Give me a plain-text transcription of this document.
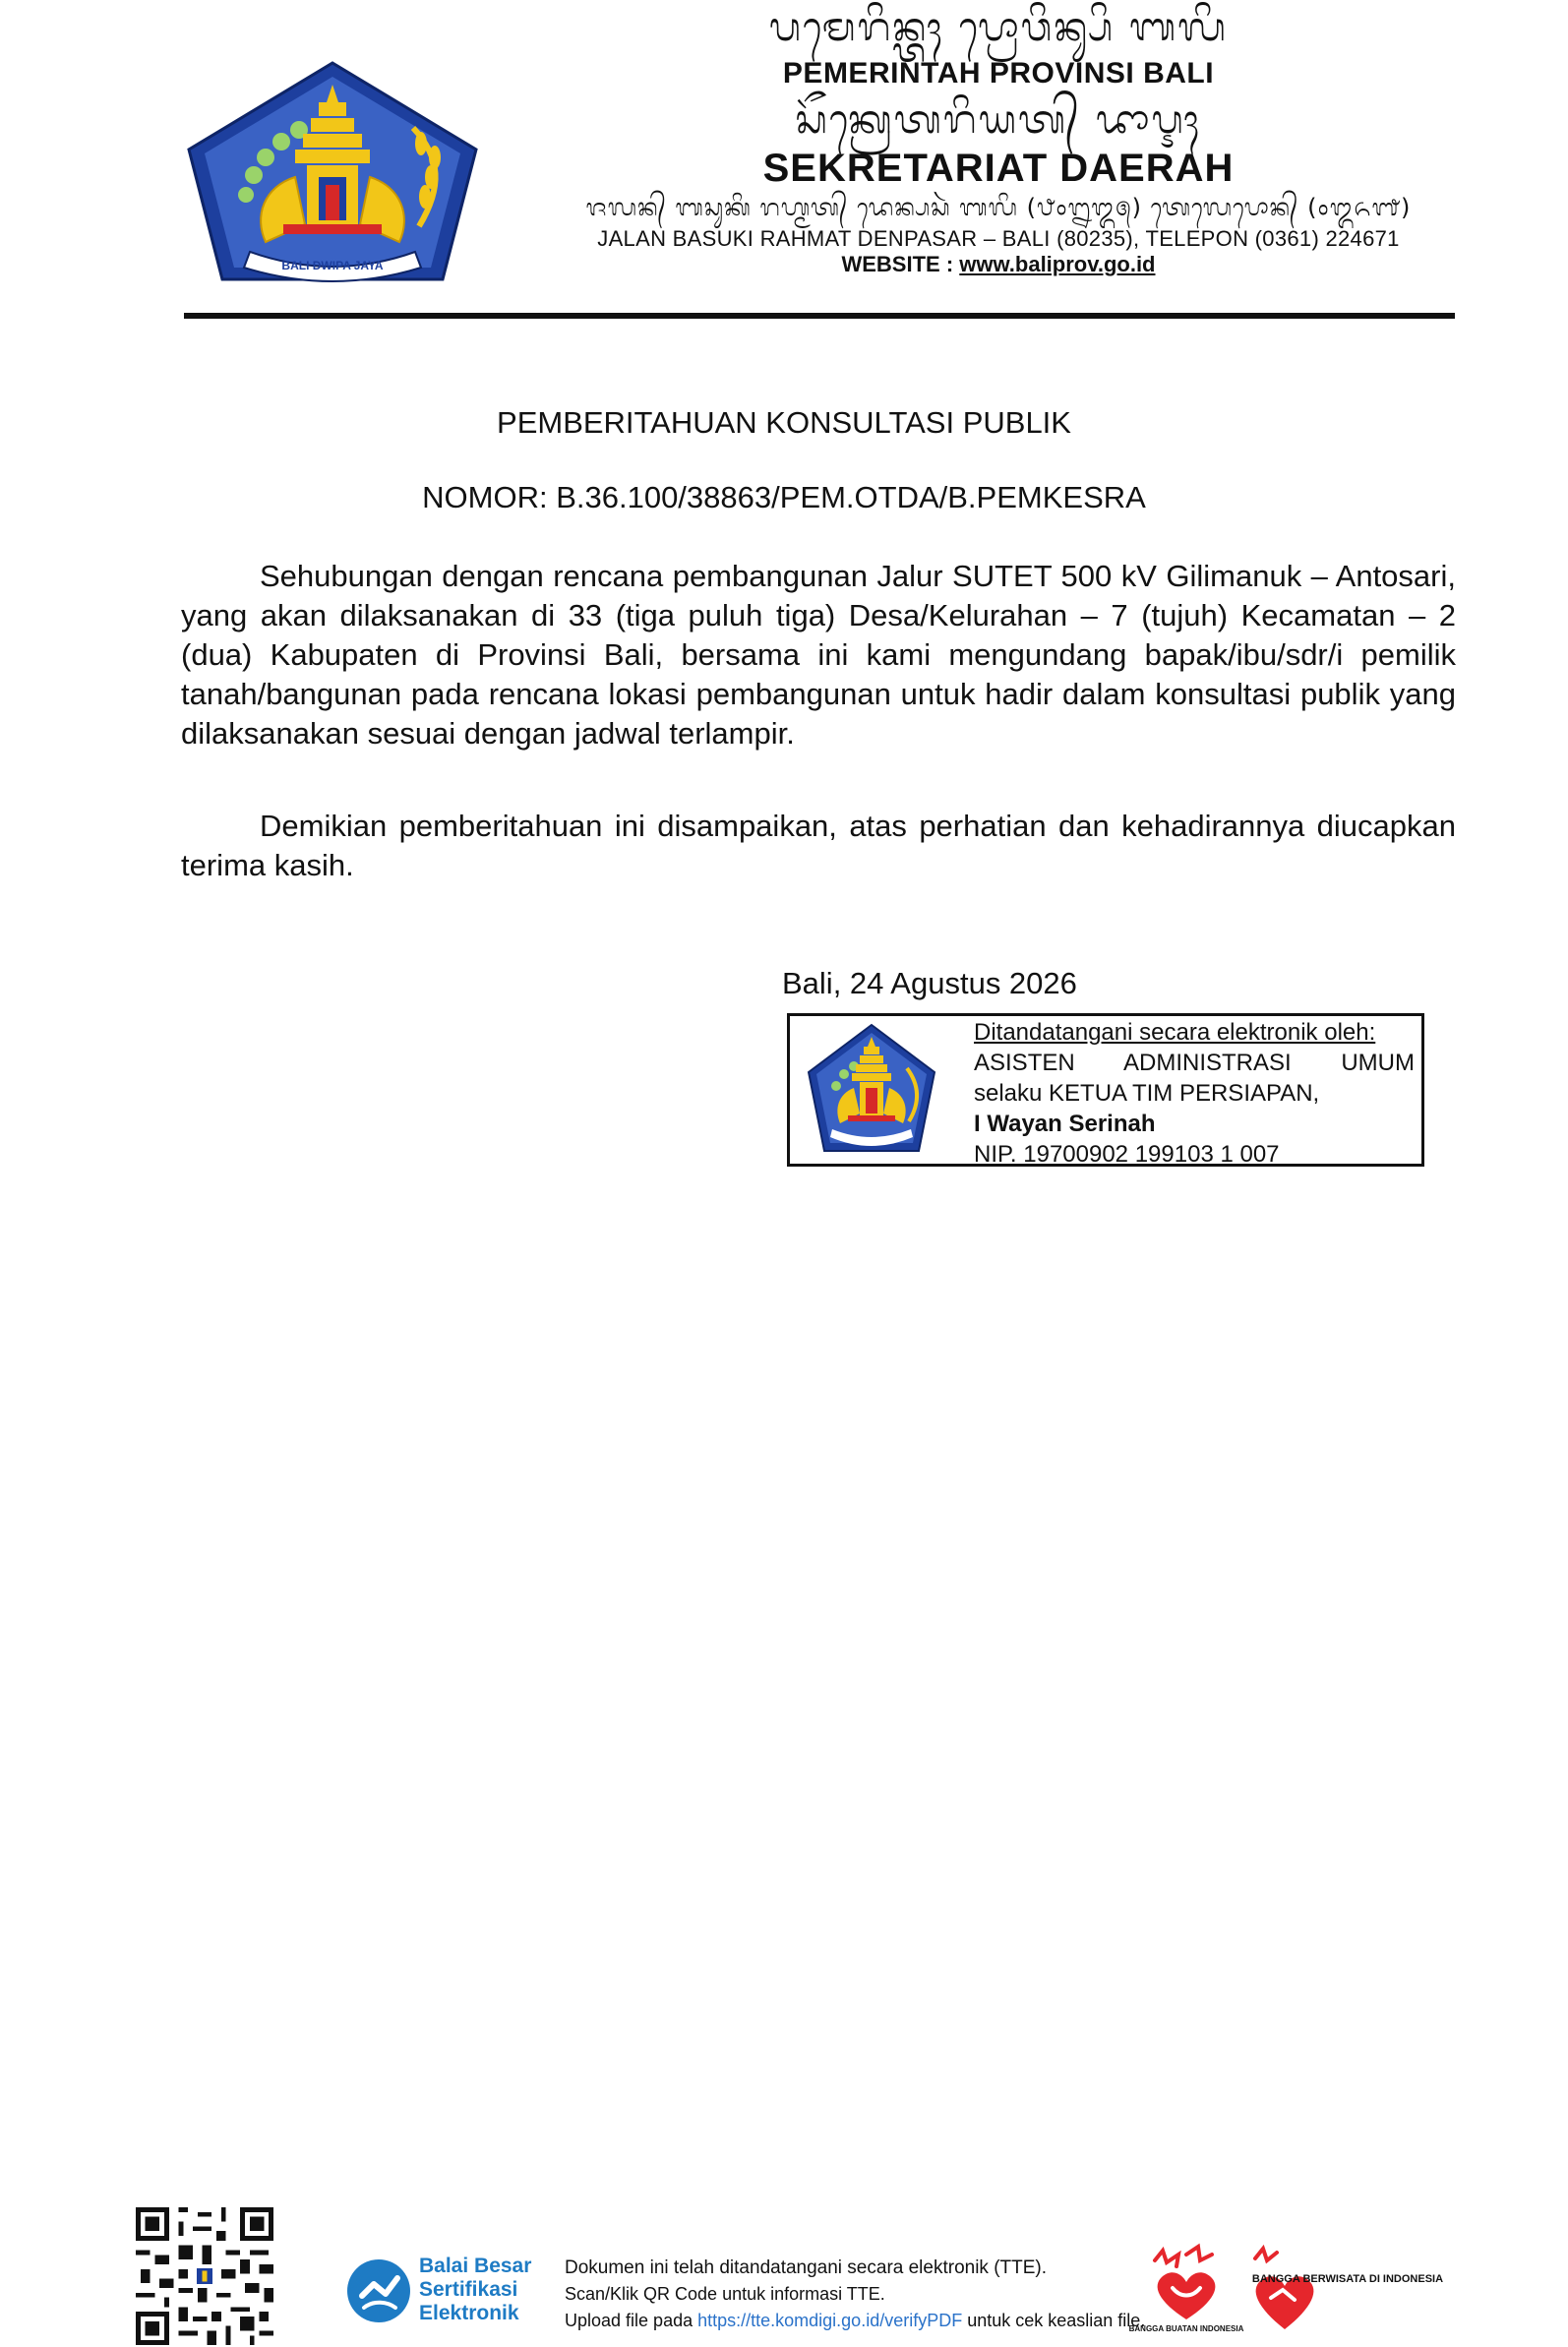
BALI DWIPA JAYA
ᬧᬫᬾᬭᬶᬦ᭄ᬢᬄ ᬧ᭄ᬭᭀᬯᬶᬦ᭄ᬲᬶ ᬩᬮᬶ
PEMERINTAH PROVINSI BALI
ᬲᭂᬓ᭄ᬭᬾᬢᬭᬶᬬᬢ᭄ ᬤᬵᬋᬄ
SEKRETARIAT DAERAH
ᬚᬮᬦ᭄ ᬩᬲᬸᬓᬶ ᬭᬳ᭄ᬫᬢ᭄ ᬤᬾᬦ᭄ᬧᬲᬃ ᬩᬮᬶ (᭘᭐᭒᭓᭕) ᬢᬾᬮᬾᬧᭀᬦ᭄ (᭐᭓᭖᭑)
JALAN BASUKI RAHMAT DENPASAR – BALI (80235), TELEPON (0361) 224671
WEBSITE : www.baliprov.go.id
PEMBERITAHUAN KONSULTASI PUBLIK
NOMOR: B.36.100/38863/PEM.OTDA/B.PEMKESRA

Sehubungan dengan rencana pembangunan Jalur SUTET 500 kV Gilimanuk – Antosari, yang akan dilaksanakan di 33 (tiga puluh tiga) Desa/Kelurahan – 7 (tujuh) Kecamatan – 2 (dua) Kabupaten di Provinsi Bali, bersama ini kami mengundang bapak/ibu/sdr/i pemilik tanah/bangunan pada rencana lokasi pembangunan untuk hadir dalam konsultasi publik yang dilaksanakan sesuai dengan jadwal terlampir.

Demikian pemberitahuan ini disampaikan, atas perhatian dan kehadirannya diucapkan terima kasih.

Bali, 24 Agustus 2026
Ditandatangani secara elektronik oleh:
ASISTEN ADMINISTRASI UMUM
selaku KETUA TIM PERSIAPAN,
I Wayan Serinah
NIP. 19700902 199103 1 007
Balai Besar
Sertifikasi
Elektronik
Dokumen ini telah ditandatangani secara elektronik (TTE).
Scan/Klik QR Code untuk informasi TTE.
Upload file pada https://tte.komdigi.go.id/verifyPDF untuk cek keaslian file.
BANGGA BUATAN INDONESIA
BANGGA BERWISATA DI INDONESIA
